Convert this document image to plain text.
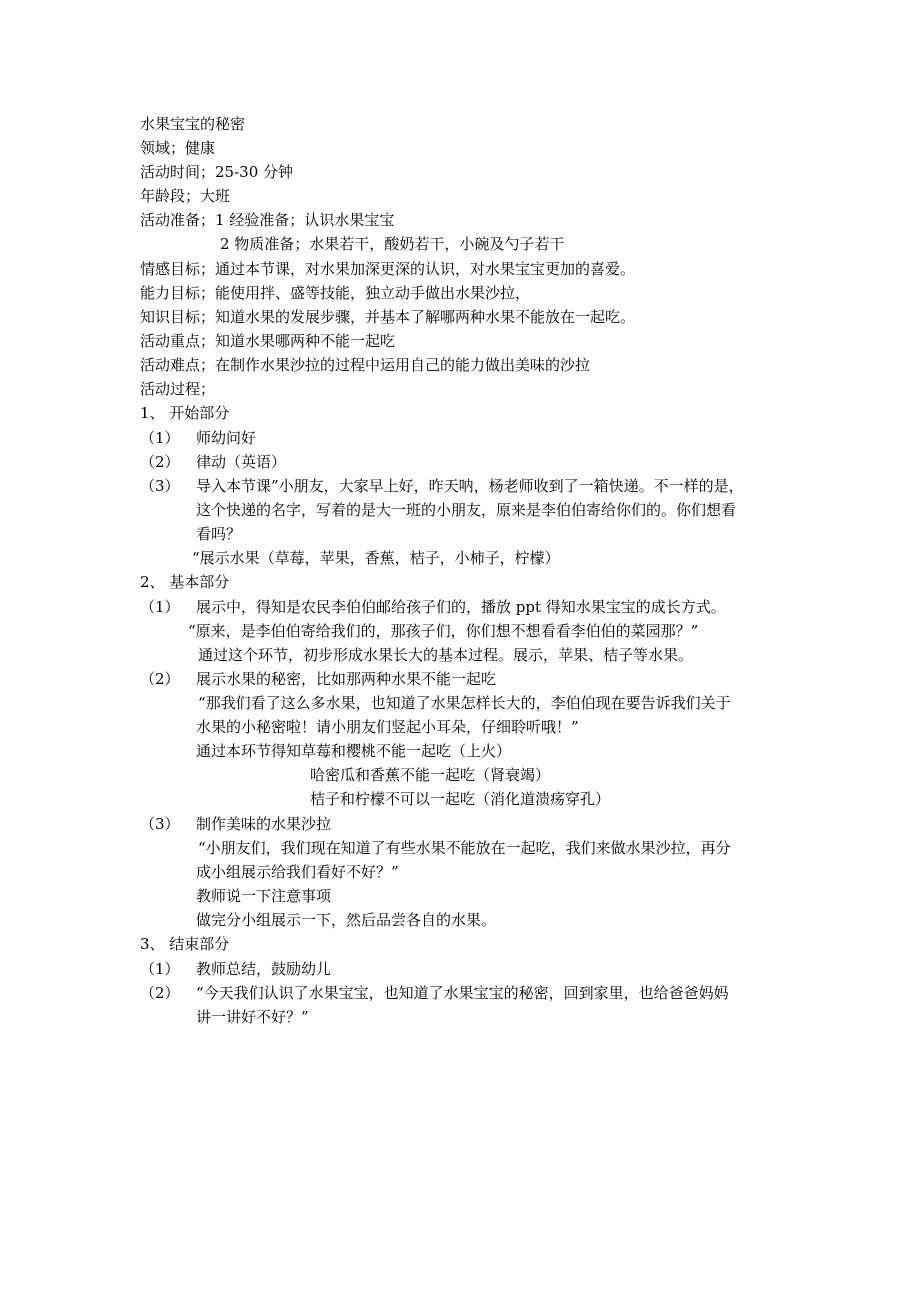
水果宝宝的秘密
领域；健康
活动时间；25-30 分钟
年龄段；大班
活动准备；1 经验准备；认识水果宝宝
2 物质准备；水果若干，酸奶若干，小碗及勺子若干
情感目标；通过本节课，对水果加深更深的认识，对水果宝宝更加的喜爱。
能力目标；能使用拌、盛等技能，独立动手做出水果沙拉，
知识目标；知道水果的发展步骤，并基本了解哪两种水果不能放在一起吃。
活动重点；知道水果哪两种不能一起吃
活动难点；在制作水果沙拉的过程中运用自己的能力做出美味的沙拉
活动过程；
1、 开始部分
（1） 师幼问好
（2） 律动（英语）
（3） 导入本节课”小朋友，大家早上好，昨天呐，杨老师收到了一箱快递。不一样的是，
这个快递的名字，写着的是大一班的小朋友，原来是李伯伯寄给你们的。你们想看
看吗？
“展示水果（草莓，苹果，香蕉，桔子，小柿子，柠檬）
2、 基本部分
（1） 展示中，得知是农民李伯伯邮给孩子们的，播放 ppt 得知水果宝宝的成长方式。
“原来，是李伯伯寄给我们的，那孩子们，你们想不想看看李伯伯的菜园那？”
通过这个环节，初步形成水果长大的基本过程。展示，苹果、桔子等水果。
（2） 展示水果的秘密，比如那两种水果不能一起吃
“那我们看了这么多水果，也知道了水果怎样长大的，李伯伯现在要告诉我们关于
水果的小秘密啦！请小朋友们竖起小耳朵，仔细聆听哦！”
通过本环节得知草莓和樱桃不能一起吃（上火）
哈密瓜和香蕉不能一起吃（肾衰竭）
桔子和柠檬不可以一起吃（消化道溃疡穿孔）
（3） 制作美味的水果沙拉
“小朋友们，我们现在知道了有些水果不能放在一起吃，我们来做水果沙拉，再分
成小组展示给我们看好不好？”
教师说一下注意事项
做完分小组展示一下，然后品尝各自的水果。
3、 结束部分
（1） 教师总结，鼓励幼儿
（2） “今天我们认识了水果宝宝，也知道了水果宝宝的秘密，回到家里，也给爸爸妈妈
讲一讲好不好？”
